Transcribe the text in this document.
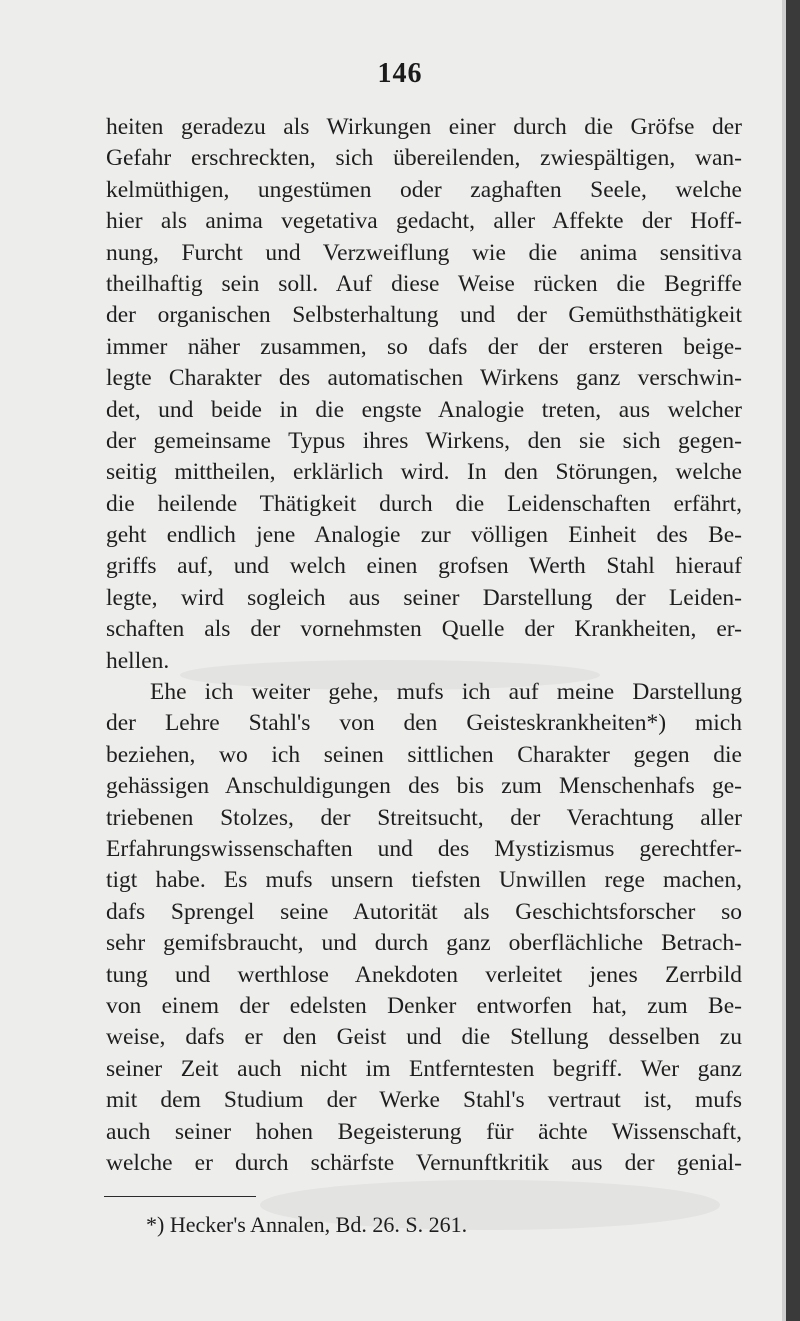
146
heiten geradezu als Wirkungen einer durch die Gröfse der
Gefahr erschreckten, sich übereilenden, zwiespältigen, wan-
kelmüthigen, ungestümen oder zaghaften Seele, welche
hier als anima vegetativa gedacht, aller Affekte der Hoff-
nung, Furcht und Verzweiflung wie die anima sensitiva
theilhaftig sein soll. Auf diese Weise rücken die Begriffe
der organischen Selbsterhaltung und der Gemüthsthätigkeit
immer näher zusammen, so dafs der der ersteren beige-
legte Charakter des automatischen Wirkens ganz verschwin-
det, und beide in die engste Analogie treten, aus welcher
der gemeinsame Typus ihres Wirkens, den sie sich gegen-
seitig mittheilen, erklärlich wird. In den Störungen, welche
die heilende Thätigkeit durch die Leidenschaften erfährt,
geht endlich jene Analogie zur völligen Einheit des Be-
griffs auf, und welch einen grofsen Werth Stahl hierauf
legte, wird sogleich aus seiner Darstellung der Leiden-
schaften als der vornehmsten Quelle der Krankheiten, er-
hellen.
Ehe ich weiter gehe, mufs ich auf meine Darstellung
der Lehre Stahl's von den Geisteskrankheiten*) mich
beziehen, wo ich seinen sittlichen Charakter gegen die
gehässigen Anschuldigungen des bis zum Menschenhafs ge-
triebenen Stolzes, der Streitsucht, der Verachtung aller
Erfahrungswissenschaften und des Mystizismus gerechtfer-
tigt habe. Es mufs unsern tiefsten Unwillen rege machen,
dafs Sprengel seine Autorität als Geschichtsforscher so
sehr gemifsbraucht, und durch ganz oberflächliche Betrach-
tung und werthlose Anekdoten verleitet jenes Zerrbild
von einem der edelsten Denker entworfen hat, zum Be-
weise, dafs er den Geist und die Stellung desselben zu
seiner Zeit auch nicht im Entferntesten begriff. Wer ganz
mit dem Studium der Werke Stahl's vertraut ist, mufs
auch seiner hohen Begeisterung für ächte Wissenschaft,
welche er durch schärfste Vernunftkritik aus der genial-
*) Hecker's Annalen, Bd. 26. S. 261.
